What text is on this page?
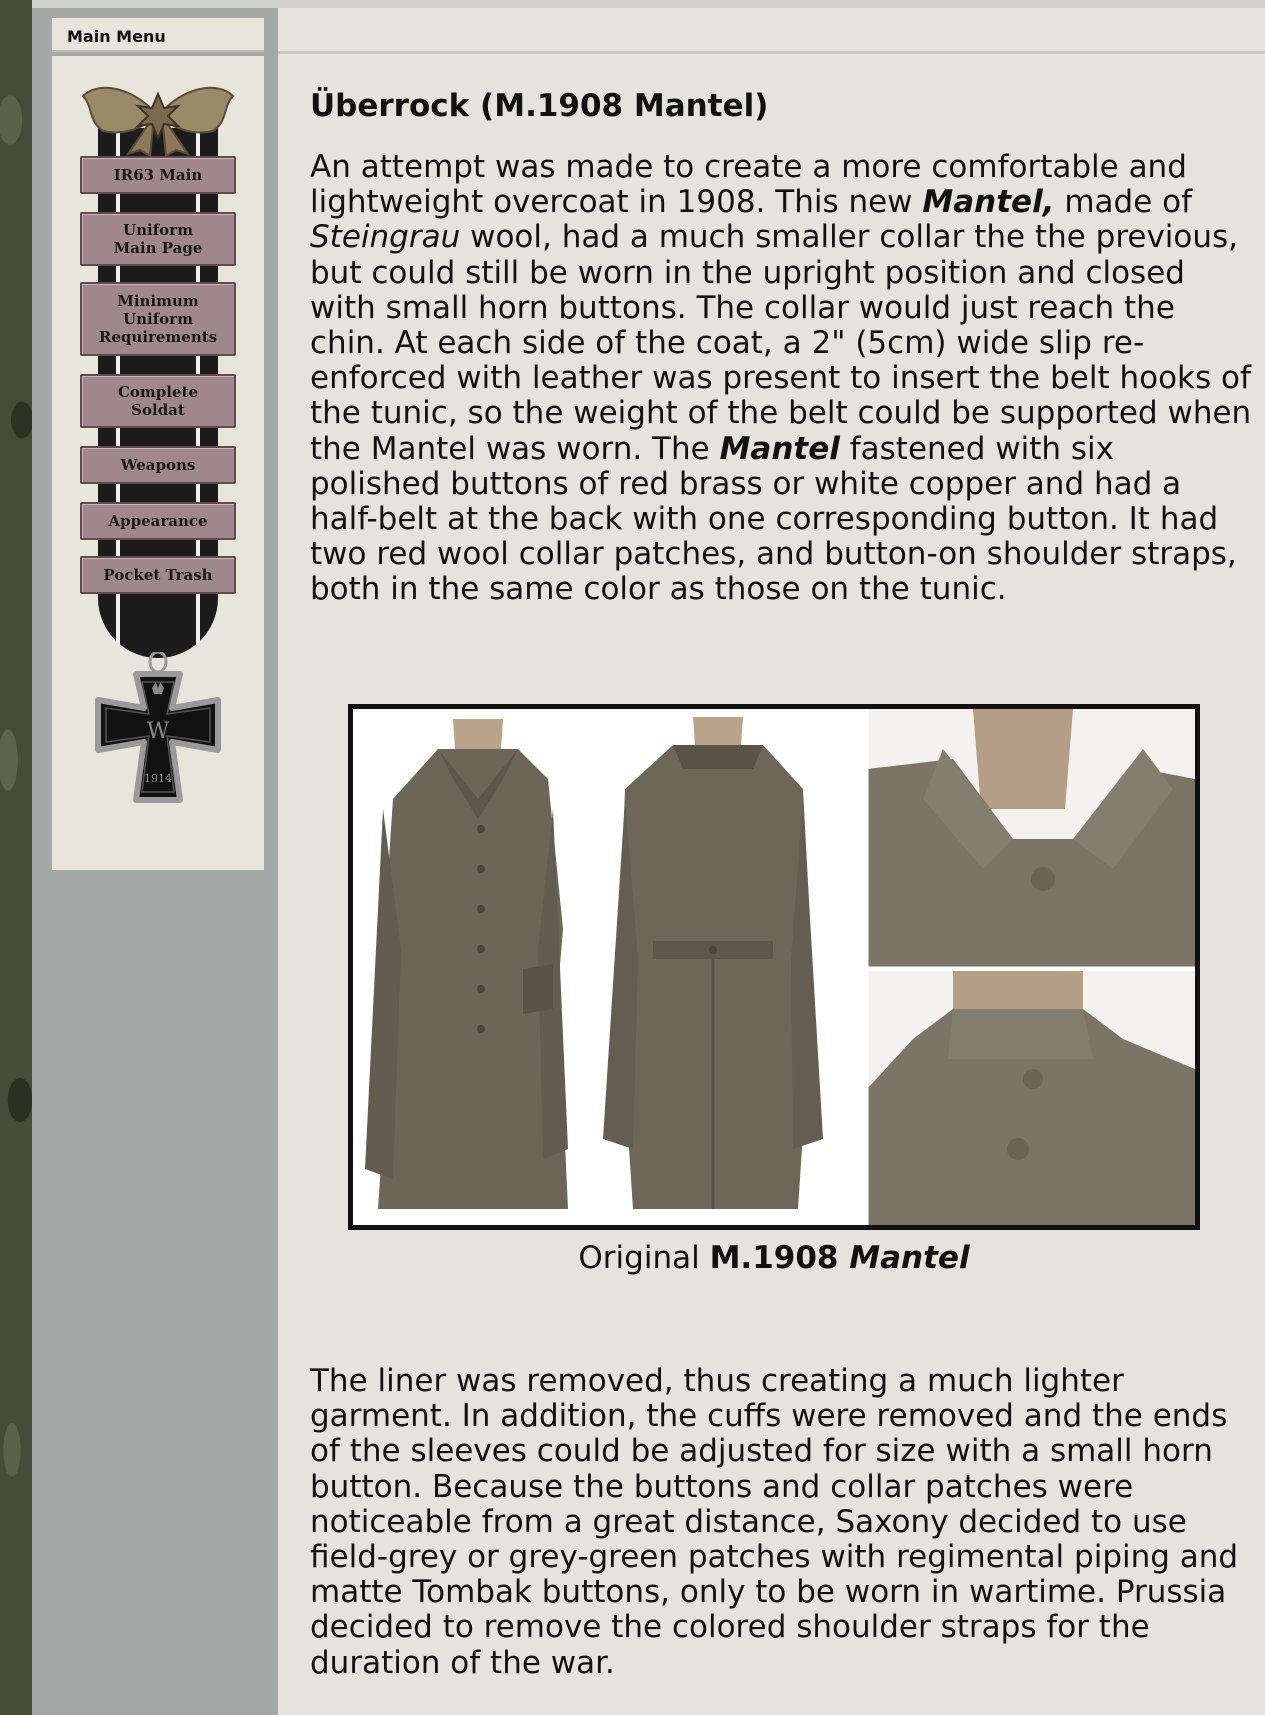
Main Menu
W
1914
IR63 Main
Uniform
Main Page
Minimum
Uniform
Requirements
Complete
Soldat
Weapons
Appearance
Pocket Trash
Überrock (M.1908 Mantel)

An attempt was made to create a more comfortable and lightweight overcoat in 1908. This new Mantel, made of Steingrau wool, had a much smaller collar the the previous, but could still be worn in the upright position and closed with small horn buttons. The collar would just reach the chin. At each side of the coat, a 2" (5cm) wide slip re-enforced with leather was present to insert the belt hooks of the tunic, so the weight of the belt could be supported when the Mantel was worn. The Mantel fastened with six polished buttons of red brass or white copper and had a half-belt at the back with one corresponding button. It had two red wool collar patches, and button-on shoulder straps, both in the same color as those on the tunic.

Original M.1908 Mantel

The liner was removed, thus creating a much lighter garment. In addition, the cuffs were removed and the ends of the sleeves could be adjusted for size with a small horn button. Because the buttons and collar patches were noticeable from a great distance, Saxony decided to use field-grey or grey-green patches with regimental piping and matte Tombak buttons, only to be worn in wartime. Prussia decided to remove the colored shoulder straps for the duration of the war.
